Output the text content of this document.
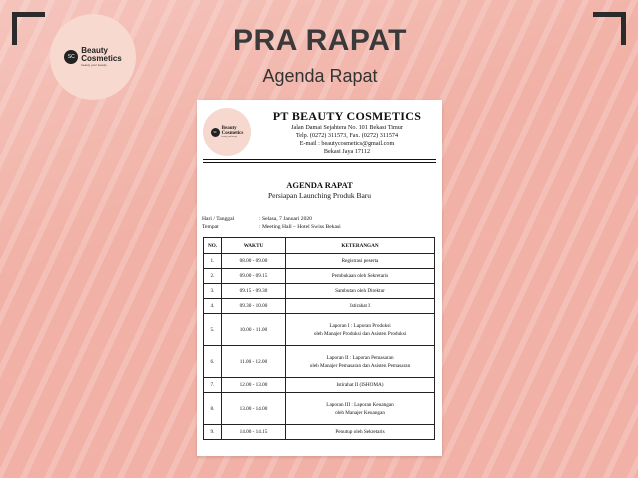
SC
Beauty
Cosmetics
beauty your beauty
PRA RAPAT
Agenda Rapat
SC
Beauty
Cosmetics
beauty your beauty
PT BEAUTY COSMETICS
Jalan Damai Sejahtera No. 101 Bekasi Timur
Telp. (0272) 311573, Fax. (0272) 311574
E-mail : beautycosmetics@gmail.com
Bekasi Jaya 17112
AGENDA RAPAT
Persiapan Launching Produk Baru
Hari / Tanggal	: Selasa, 7 Januari 2020
Tempat	: Meeting Hall – Hotel Swiss Bekasi
NO.	WAKTU	KETERANGAN
1.	08.00 - 09.00	Registrasi peserta

2.	09.00 - 09.15	Pembukaan oleh Sekretaris

3.	09.15 - 09.30	Sambutan oleh Direktur

4.	09.30 - 10.00	Istirahat I

5.	10.00 - 11.00	Laporan I : Laporan Produksi
oleh Manajer Produksi dan Asisten Produksi

6.	11.00 - 12.00	Laporan II : Laporan Pemasaran
oleh Manajer Pemasaran dan Asisten Pemasaran

7.	12.00 - 13.00	Istirahat II (ISHOMA)

8.	13.00 - 14.00	Laporan III : Laporan Keuangan
oleh Manajer Keuangan

9.	14.00 - 14.15	Penutup oleh Sekretaris
